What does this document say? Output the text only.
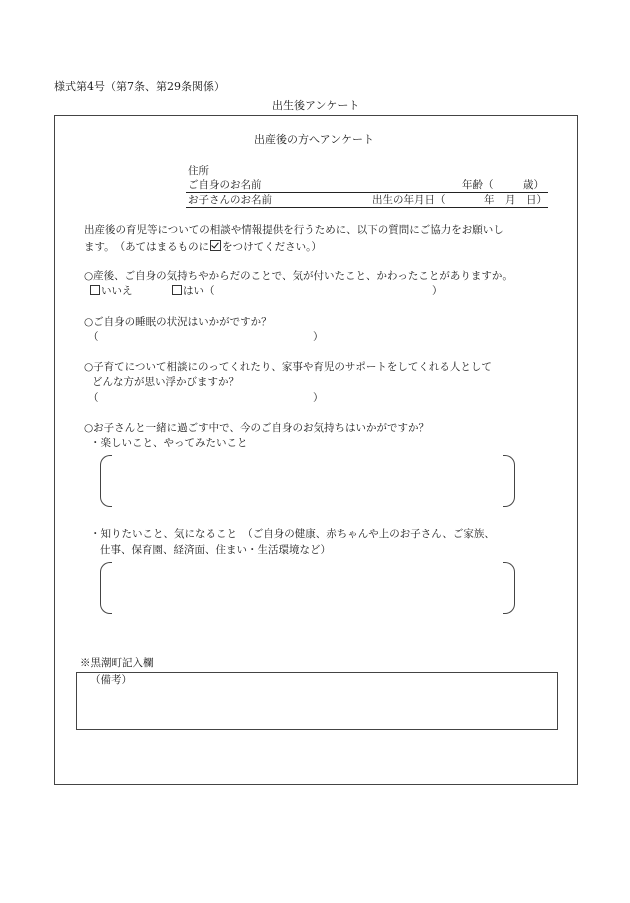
様式第4号（第7条、第29条関係）
出生後アンケート
出産後の方へアンケート
住所
ご自身のお名前	年齢（	歳）
お子さんのお名前	出生の年月日（	年　月　日）
出産後の育児等についての相談や情報提供を行うために、以下の質問にご協力をお願いし
ます。　（あてはまるものに をつけてください。）
○産後、ご自身の気持ちやからだのことで、気が付いたこと、かわったことがありますか。
いいえ	はい（	）
○ご自身の睡眠の状況はいかがですか？
（	）
○子育てについて相談にのってくれたり、家事や育児のサポートをしてくれる人として
どんな方が思い浮かびますか？
（	）
○お子さんと一緒に過ごす中で、今のご自身のお気持ちはいかがですか？
・楽しいこと、やってみたいこと
・知りたいこと、気になること　（ご自身の健康、赤ちゃんや上のお子さん、ご家族、
仕事、保育園、経済面、住まい・生活環境など）
※黒潮町記入欄
（備考）
